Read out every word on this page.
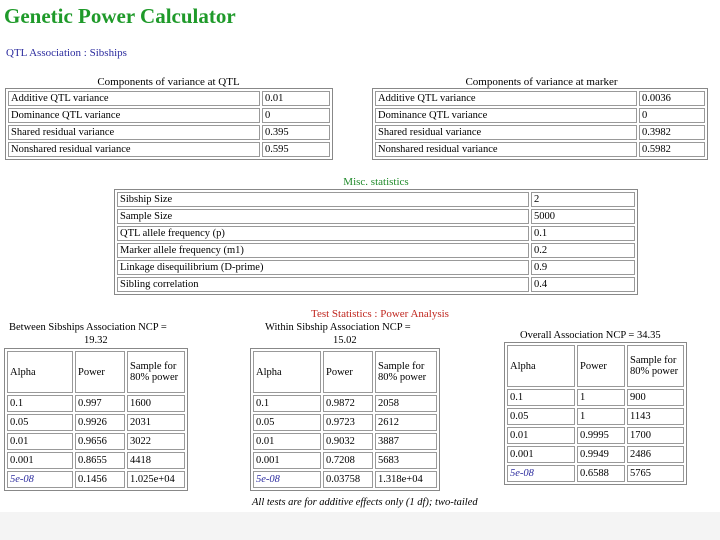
Genetic Power Calculator
QTL Association : Sibships
Components of variance at QTL
Additive QTL variance	0.01
Dominance QTL variance	0
Shared residual variance	0.395
Nonshared residual variance	0.595
Components of variance at marker
Additive QTL variance	0.0036
Dominance QTL variance	0
Shared residual variance	0.3982
Nonshared residual variance	0.5982
Misc. statistics
Sibship Size	2
Sample Size	5000
QTL allele frequency (p)	0.1
Marker allele frequency (m1)	0.2
Linkage disequilibrium (D-prime)	0.9
Sibling correlation	0.4
Test Statistics : Power Analysis
Between Sibships Association NCP =
19.32
Alpha	Power	Sample for 80% power
0.1	0.997	1600
0.05	0.9926	2031
0.01	0.9656	3022
0.001	0.8655	4418
5e-08	0.1456	1.025e+04
Within Sibship Association NCP =
15.02
Alpha	Power	Sample for 80% power
0.1	0.9872	2058
0.05	0.9723	2612
0.01	0.9032	3887
0.001	0.7208	5683
5e-08	0.03758	1.318e+04
Overall Association NCP = 34.35
Alpha	Power	Sample for 80% power
0.1	1	900
0.05	1	1143
0.01	0.9995	1700
0.001	0.9949	2486
5e-08	0.6588	5765
All tests are for additive effects only (1 df); two-tailed
